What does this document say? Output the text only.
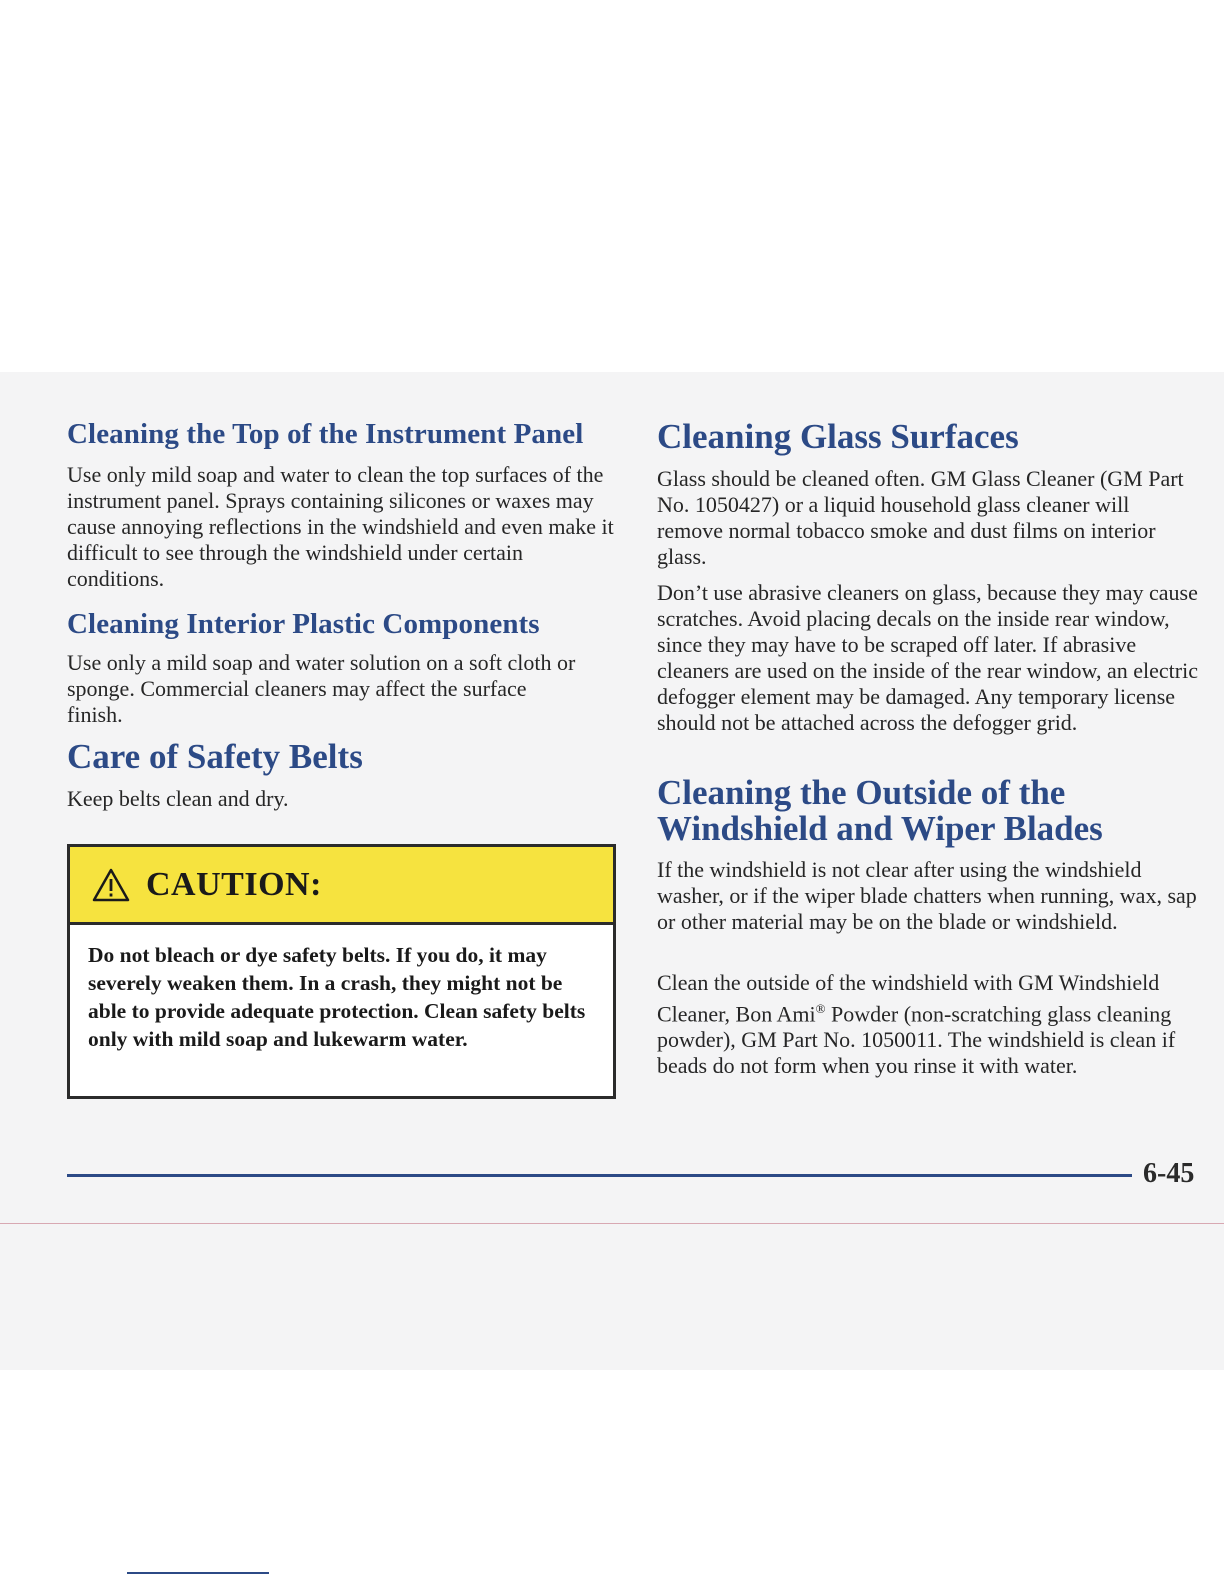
Cleaning the Top of the Instrument Panel

Use only mild soap and water to clean the top surfaces of the instrument panel. Sprays containing silicones or waxes may cause annoying reflections in the windshield and even make it difficult to see through the windshield under certain conditions.

Cleaning Interior Plastic Components

Use only a mild soap and water solution on a soft cloth or sponge. Commercial cleaners may affect the surface finish.

Care of Safety Belts

Keep belts clean and dry.

Cleaning Glass Surfaces

Glass should be cleaned often. GM Glass Cleaner (GM Part No. 1050427) or a liquid household glass cleaner will remove normal tobacco smoke and dust films on interior glass.

Don’t use abrasive cleaners on glass, because they may cause scratches. Avoid placing decals on the inside rear window, since they may have to be scraped off later. If abrasive cleaners are used on the inside of the rear window, an electric defogger element may be damaged. Any temporary license should not be attached across the defogger grid.

Cleaning the Outside of the
Windshield and Wiper Blades

If the windshield is not clear after using the windshield washer, or if the wiper blade chatters when running, wax, sap or other material may be on the blade or windshield.

Clean the outside of the windshield with GM Windshield Cleaner, Bon Ami® Powder (non-scratching glass cleaning powder), GM Part No. 1050011. The windshield is clean if beads do not form when you rinse it with water.

CAUTION:
Do not bleach or dye safety belts. If you do, it may severely weaken them. In a crash, they might not be able to provide adequate protection. Clean safety belts only with mild soap and lukewarm water.
6-45
